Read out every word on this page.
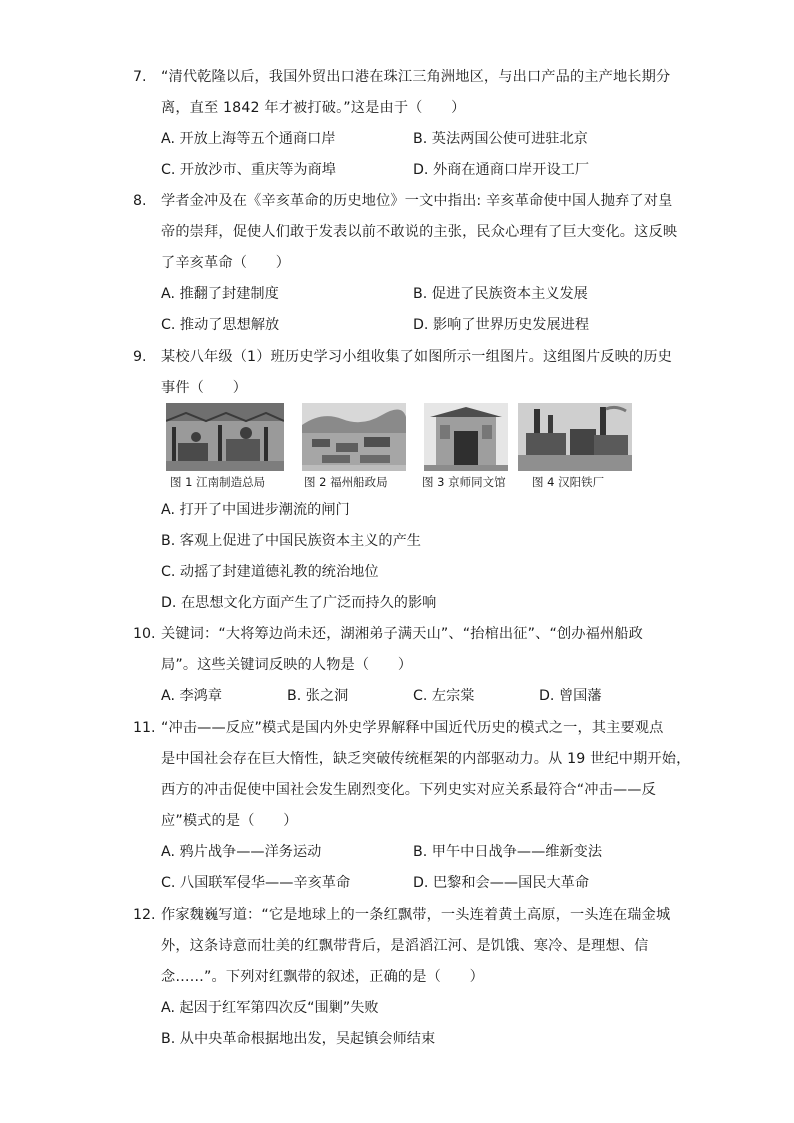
7. “清代乾隆以后，我国外贸出口港在珠江三角洲地区，与出口产品的主产地长期分
离，直至 1842 年才被打破。”这是由于（　　）
A. 开放上海等五个通商口岸	B. 英法两国公使可进驻北京
C. 开放沙市、重庆等为商埠	D. 外商在通商口岸开设工厂
8. 学者金冲及在《辛亥革命的历史地位》一文中指出: 辛亥革命使中国人抛弃了对皇
帝的崇拜，促使人们敢于发表以前不敢说的主张，民众心理有了巨大变化。这反映
了辛亥革命（　　）
A. 推翻了封建制度	B. 促进了民族资本主义发展
C. 推动了思想解放	D. 影响了世界历史发展进程
9. 某校八年级（1）班历史学习小组收集了如图所示一组图片。这组图片反映的历史
事件（　　）
图 1 江南制造总局	图 2 福州船政局	图 3 京师同文馆 图 4 汉阳铁厂
A. 打开了中国进步潮流的闸门
B. 客观上促进了中国民族资本主义的产生
C. 动摇了封建道德礼教的统治地位
D. 在思想文化方面产生了广泛而持久的影响
10. 关键词：“大将筹边尚未还，湖湘弟子满天山”、“抬棺出征”、“创办福州船政
局”。这些关键词反映的人物是（　　）
A. 李鸿章	B. 张之洞	C. 左宗棠	D. 曾国藩
11. “冲击——反应”模式是国内外史学界解释中国近代历史的模式之一，其主要观点
是中国社会存在巨大惰性，缺乏突破传统框架的内部驱动力。从 19 世纪中期开始，
西方的冲击促使中国社会发生剧烈变化。下列史实对应关系最符合“冲击——反
应”模式的是（　　）
A. 鸦片战争——洋务运动	B. 甲午中日战争——维新变法
C. 八国联军侵华——辛亥革命	D. 巴黎和会——国民大革命
12. 作家魏巍写道：“它是地球上的一条红飘带，一头连着黄土高原，一头连在瑞金城
外，这条诗意而壮美的红飘带背后，是滔滔江河、是饥饿、寒冷、是理想、信
念……”。下列对红飘带的叙述，正确的是（　　）
A. 起因于红军第四次反“围剿”失败
B. 从中央革命根据地出发，吴起镇会师结束
